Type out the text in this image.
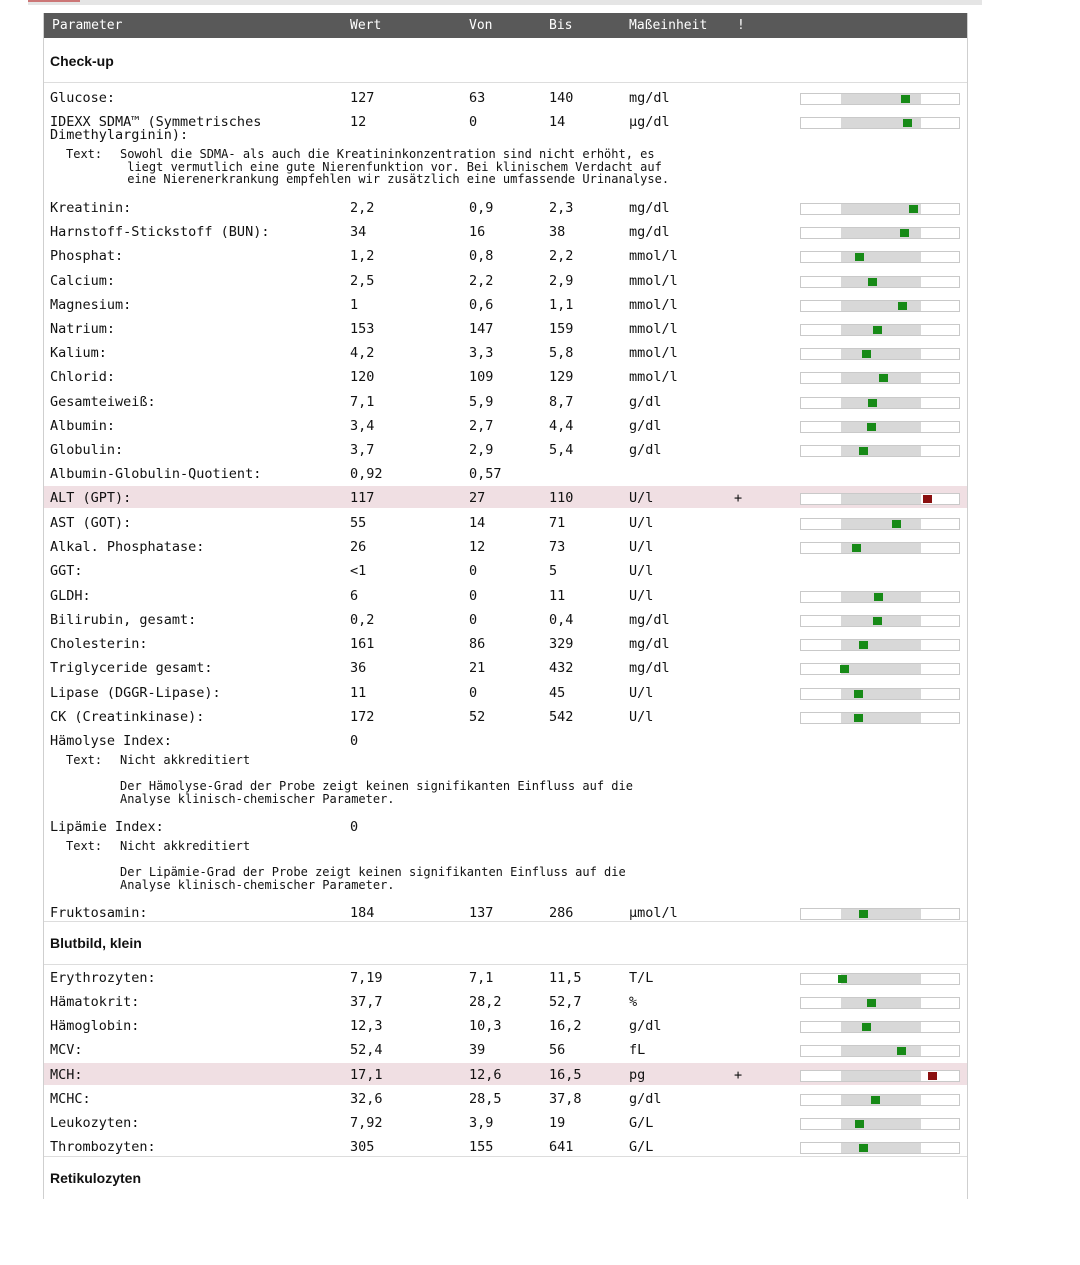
Parameter	Wert	Von	Bis	Maßeinheit !
Check-up
Text: Sowohl die SDMA- als auch die Kreatininkonzentration sind nicht erhöht, es
liegt vermutlich eine gute Nierenfunktion vor. Bei klinischem Verdacht auf
eine Nierenerkrankung empfehlen wir zusätzlich eine umfassende Urinanalyse.
Text: Nicht akkreditiert
Der Hämolyse-Grad der Probe zeigt keinen signifikanten Einfluss auf die
Analyse klinisch-chemischer Parameter.
Text: Nicht akkreditiert
Der Lipämie-Grad der Probe zeigt keinen signifikanten Einfluss auf die
Analyse klinisch-chemischer Parameter.
Blutbild, klein
Retikulozyten
Glucose:	127	63	140	mg/dl
IDEXX SDMA™ (Symmetrisches
Dimethylarginin):
12	0	14	µg/dl
Kreatinin:	2,2	0,9	2,3	mg/dl
Harnstoff-Stickstoff (BUN):	34	16	38	mg/dl
Phosphat:	1,2	0,8	2,2	mmol/l
Calcium:	2,5	2,2	2,9	mmol/l
Magnesium:	1	0,6	1,1	mmol/l
Natrium:	153	147	159	mmol/l
Kalium:	4,2	3,3	5,8	mmol/l
Chlorid:	120	109	129	mmol/l
Gesamteiweiß:	7,1	5,9	8,7	g/dl
Albumin:	3,4	2,7	4,4	g/dl
Globulin:	3,7	2,9	5,4	g/dl
Albumin-Globulin-Quotient:	0,92	0,57
ALT (GPT):	117	27	110	U/l	+
AST (GOT):	55	14	71	U/l
Alkal. Phosphatase:	26	12	73	U/l
GGT:	<1	0	5	U/l
GLDH:	6	0	11	U/l
Bilirubin, gesamt:	0,2	0	0,4	mg/dl
Cholesterin:	161	86	329	mg/dl
Triglyceride gesamt:	36	21	432	mg/dl
Lipase (DGGR-Lipase):	11	0	45	U/l
CK (Creatinkinase):	172	52	542	U/l
Hämolyse Index:	0
Lipämie Index:	0
Fruktosamin:	184	137	286	µmol/l
Erythrozyten:	7,19	7,1	11,5	T/L
Hämatokrit:	37,7	28,2	52,7	%
Hämoglobin:	12,3	10,3	16,2	g/dl
MCV:	52,4	39	56	fL
MCH:	17,1	12,6	16,5	pg	+
MCHC:	32,6	28,5	37,8	g/dl
Leukozyten:	7,92	3,9	19	G/L
Thrombozyten:	305	155	641	G/L
